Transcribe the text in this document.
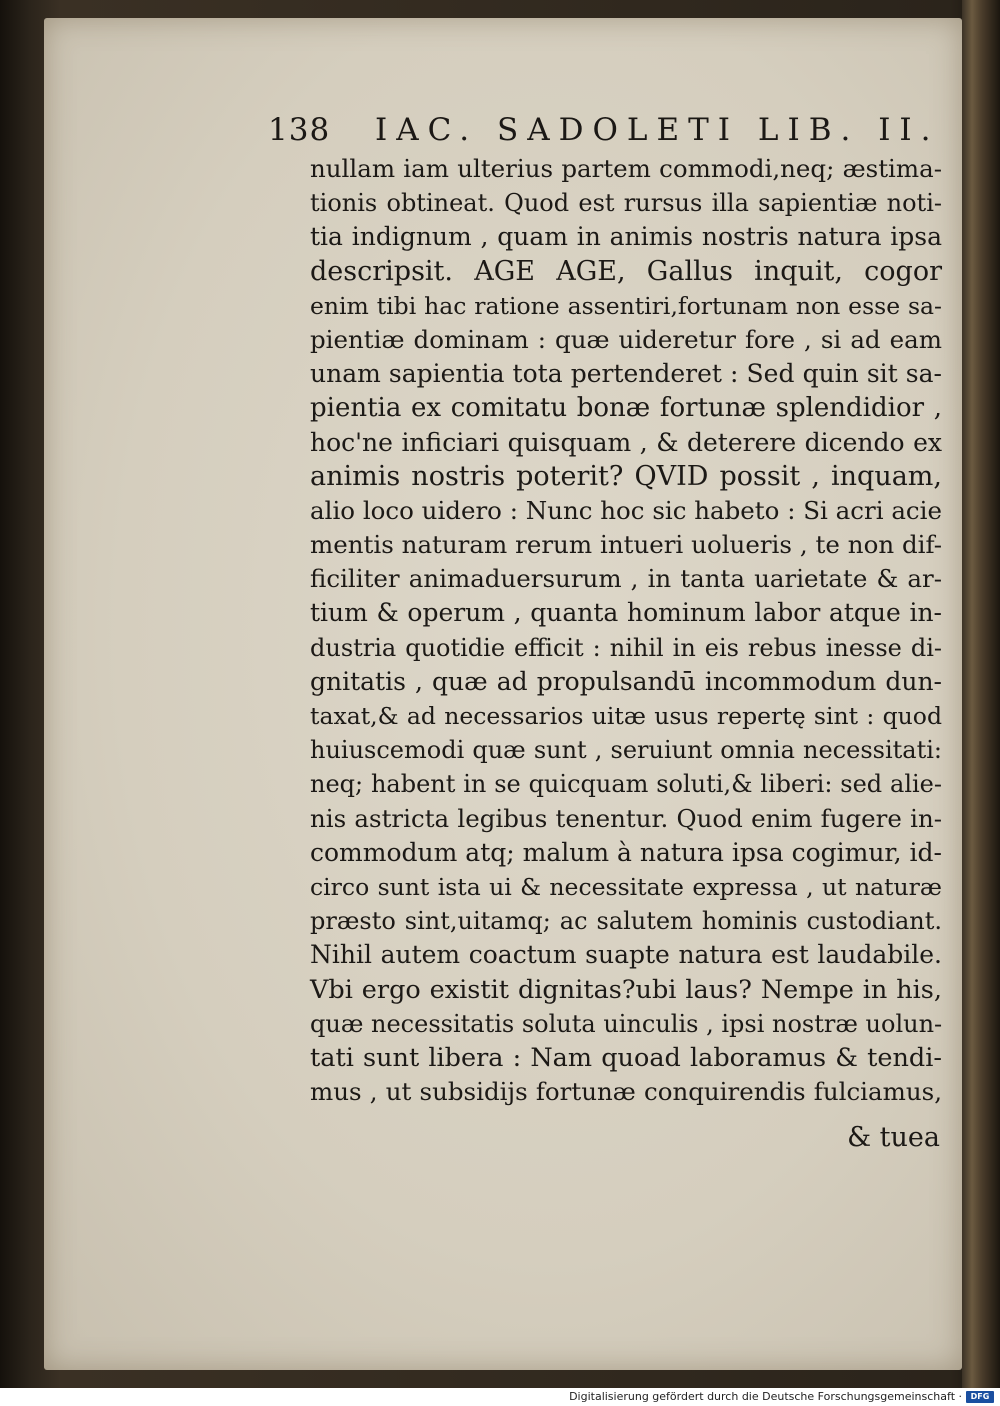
138 IAC. SADOLETI LIB. II.
nullam iam ulterius partem commodi,neq; æstima-
tionis obtineat. Quod est rursus illa sapientiæ noti-
tia indignum , quam in animis nostris natura ipsa
descripsit. AGE AGE, Gallus inquit, cogor
enim tibi hac ratione assentiri,fortunam non esse sa-
pientiæ dominam : quæ uideretur fore , si ad eam
unam sapientia tota pertenderet : Sed quin sit sa-
pientia ex comitatu bonæ fortunæ splendidior ,
hoc'ne inficiari quisquam , & deterere dicendo ex
animis nostris poterit? QVID possit , inquam,
alio loco uidero : Nunc hoc sic habeto : Si acri acie
mentis naturam rerum intueri uolueris , te non dif-
ficiliter animaduersurum , in tanta uarietate & ar-
tium & operum , quanta hominum labor atque in-
dustria quotidie efficit : nihil in eis rebus inesse di-
gnitatis , quæ ad propulsandū incommodum dun-
taxat,& ad necessarios uitæ usus repertę sint : quod
huiuscemodi quæ sunt , seruiunt omnia necessitati:
neq; habent in se quicquam soluti,& liberi: sed alie-
nis astricta legibus tenentur. Quod enim fugere in-
commodum atq; malum à natura ipsa cogimur, id-
circo sunt ista ui & necessitate expressa , ut naturæ
præsto sint,uitamq; ac salutem hominis custodiant.
Nihil autem coactum suapte natura est laudabile.
Vbi ergo existit dignitas?ubi laus? Nempe in his,
quæ necessitatis soluta uinculis , ipsi nostræ uolun-
tati sunt libera : Nam quoad laboramus & tendi-
mus , ut subsidijs fortunæ conquirendis fulciamus,
& tuea
Digitalisierung gefördert durch die Deutsche Forschungsgemeinschaft ·	DFG
